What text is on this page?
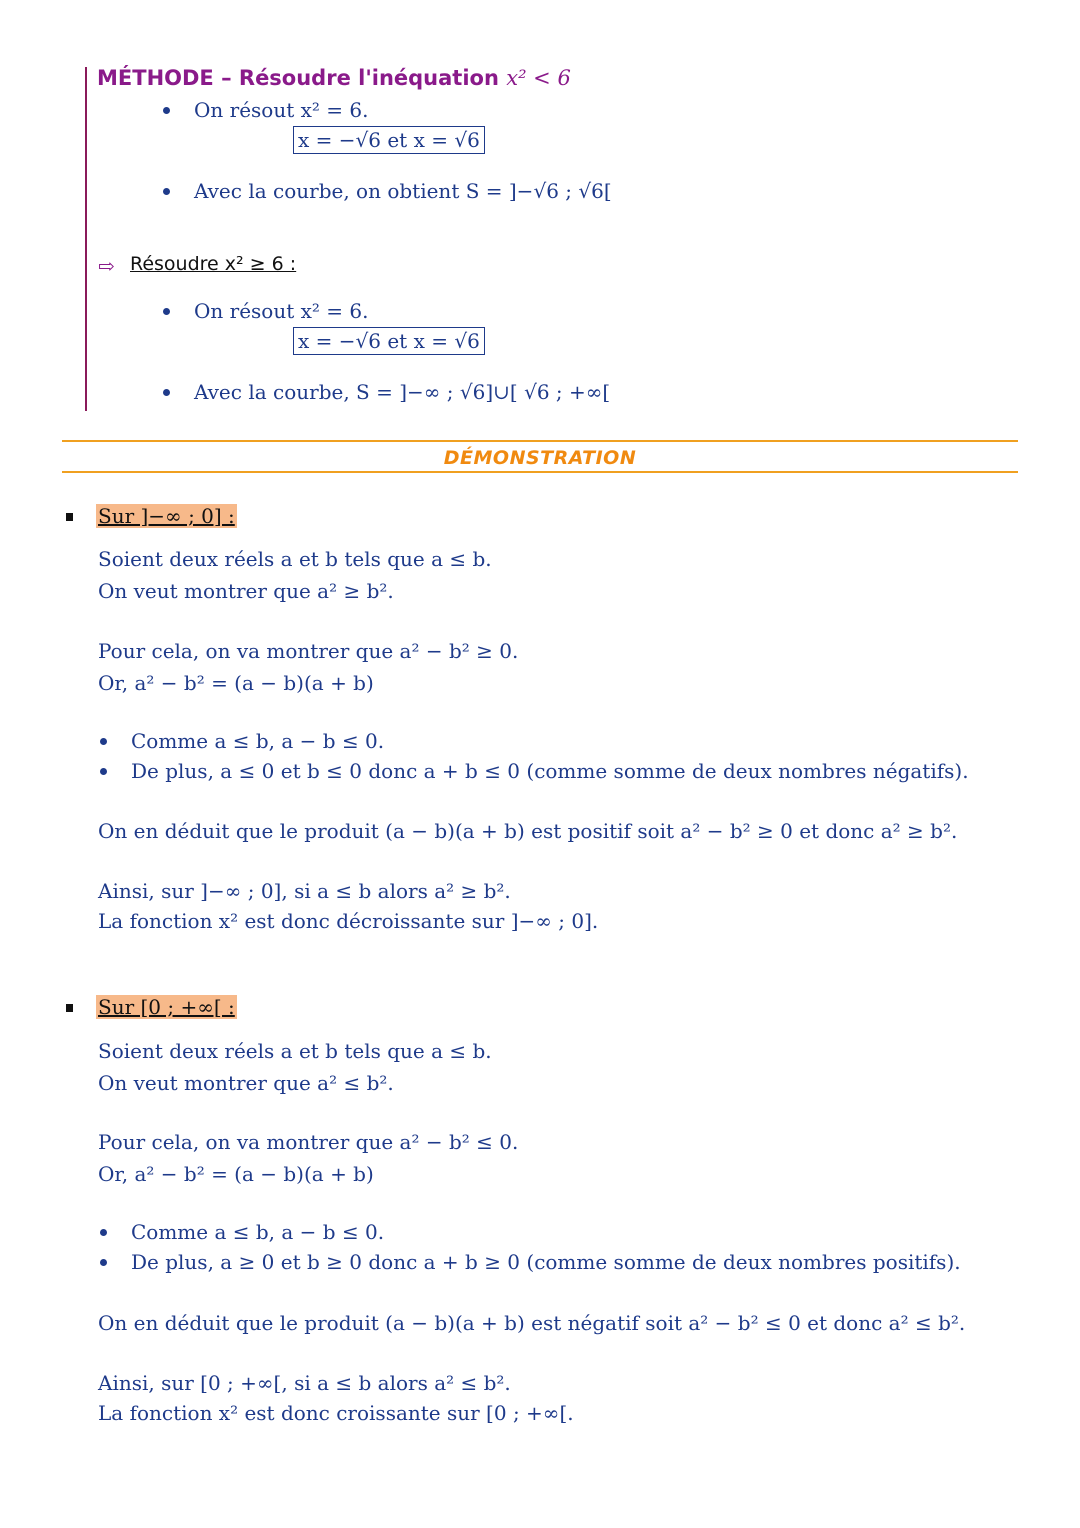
MÉTHODE – Résoudre l'inéquation x² < 6
On résout x² = 6.
x = −√6 et x = √6
Avec la courbe, on obtient S = ]−√6 ; √6[
⇨ Résoudre x² ≥ 6 :
On résout x² = 6.
x = −√6 et x = √6
Avec la courbe, S = ]−∞ ; √6]∪[ √6 ; +∞[
DÉMONSTRATION
Sur ]−∞ ; 0] :
Soient deux réels a et b tels que a ≤ b.
On veut montrer que a² ≥ b².
Pour cela, on va montrer que a² − b² ≥ 0.
Or, a² − b² = (a − b)(a + b)
Comme a ≤ b, a − b ≤ 0.
De plus, a ≤ 0 et b ≤ 0 donc a + b ≤ 0 (comme somme de deux nombres négatifs).
On en déduit que le produit (a − b)(a + b) est positif soit a² − b² ≥ 0 et donc a² ≥ b².
Ainsi, sur ]−∞ ; 0], si a ≤ b alors a² ≥ b².
La fonction x² est donc décroissante sur ]−∞ ; 0].
Sur [0 ; +∞[ :
Soient deux réels a et b tels que a ≤ b.
On veut montrer que a² ≤ b².
Pour cela, on va montrer que a² − b² ≤ 0.
Or, a² − b² = (a − b)(a + b)
Comme a ≤ b, a − b ≤ 0.
De plus, a ≥ 0 et b ≥ 0 donc a + b ≥ 0 (comme somme de deux nombres positifs).
On en déduit que le produit (a − b)(a + b) est négatif soit a² − b² ≤ 0 et donc a² ≤ b².
Ainsi, sur [0 ; +∞[, si a ≤ b alors a² ≤ b².
La fonction x² est donc croissante sur [0 ; +∞[.
